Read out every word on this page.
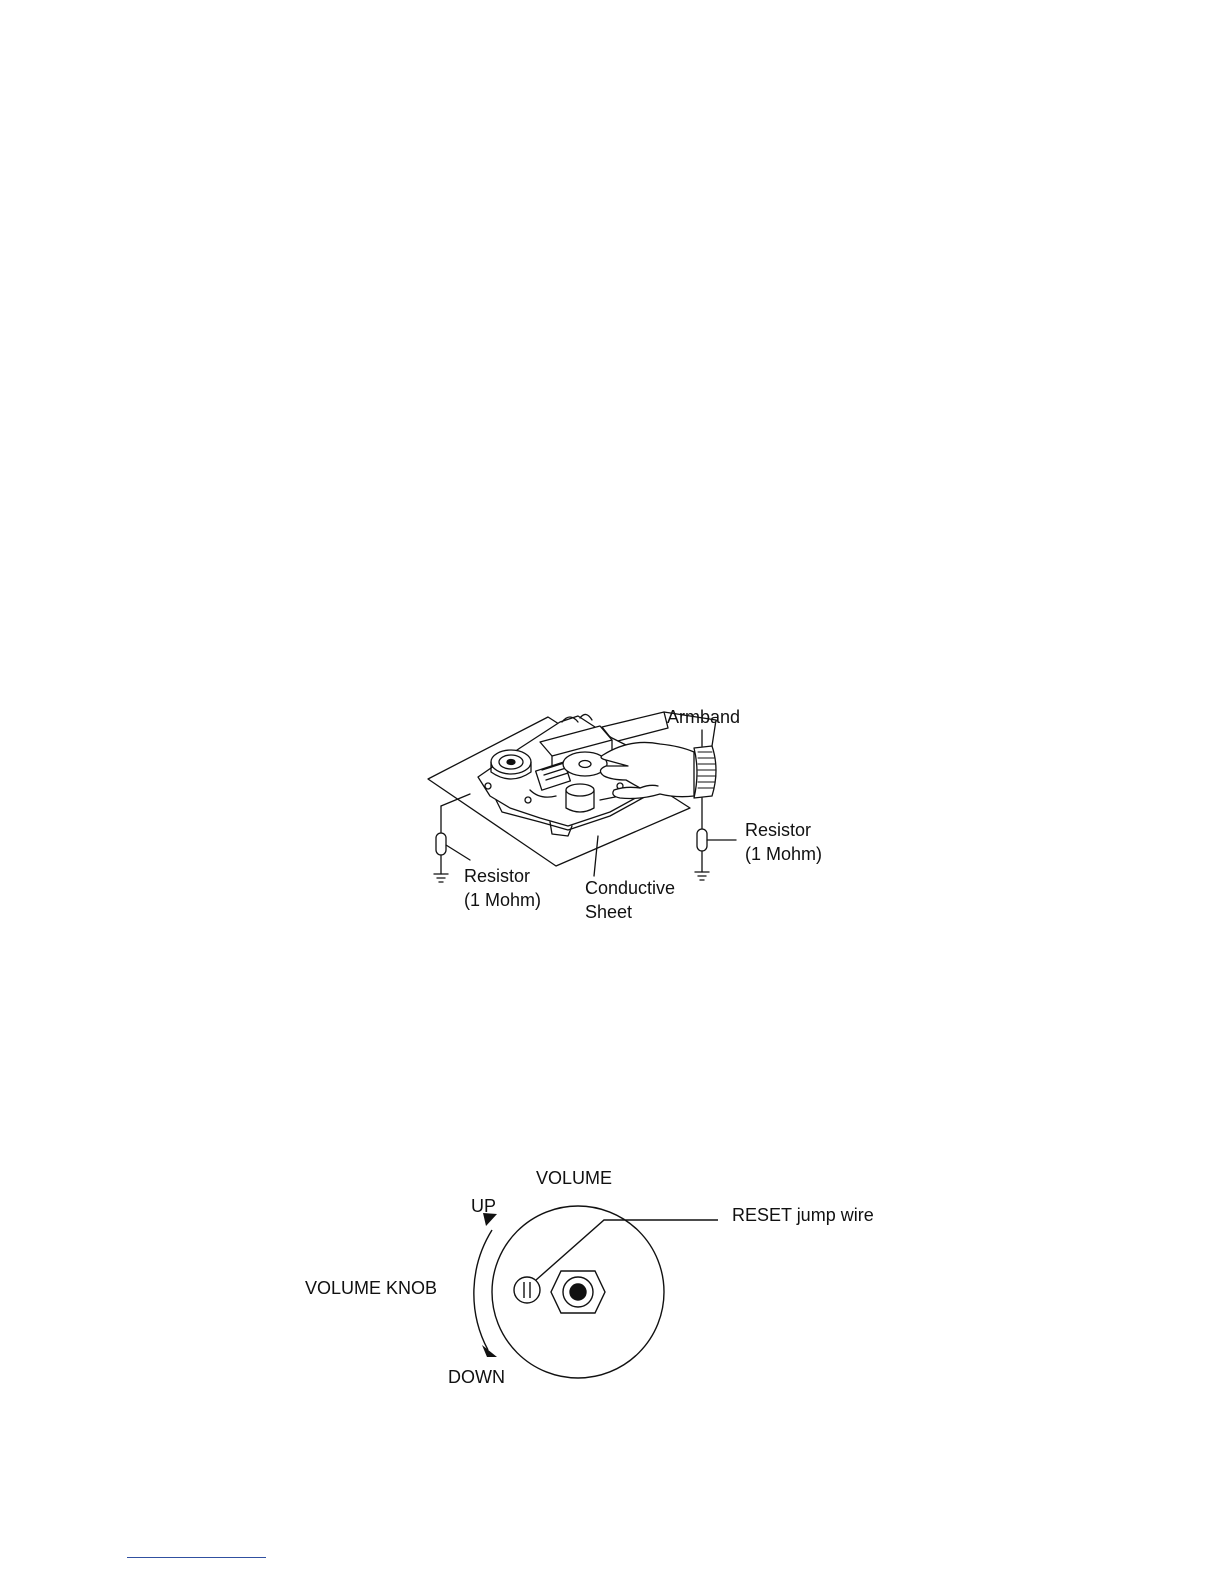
Armband
Resistor
(1 Mohm)
Resistor
(1 Mohm)
Conductive
Sheet
VOLUME
UP
VOLUME KNOB
DOWN
RESET jump wire
